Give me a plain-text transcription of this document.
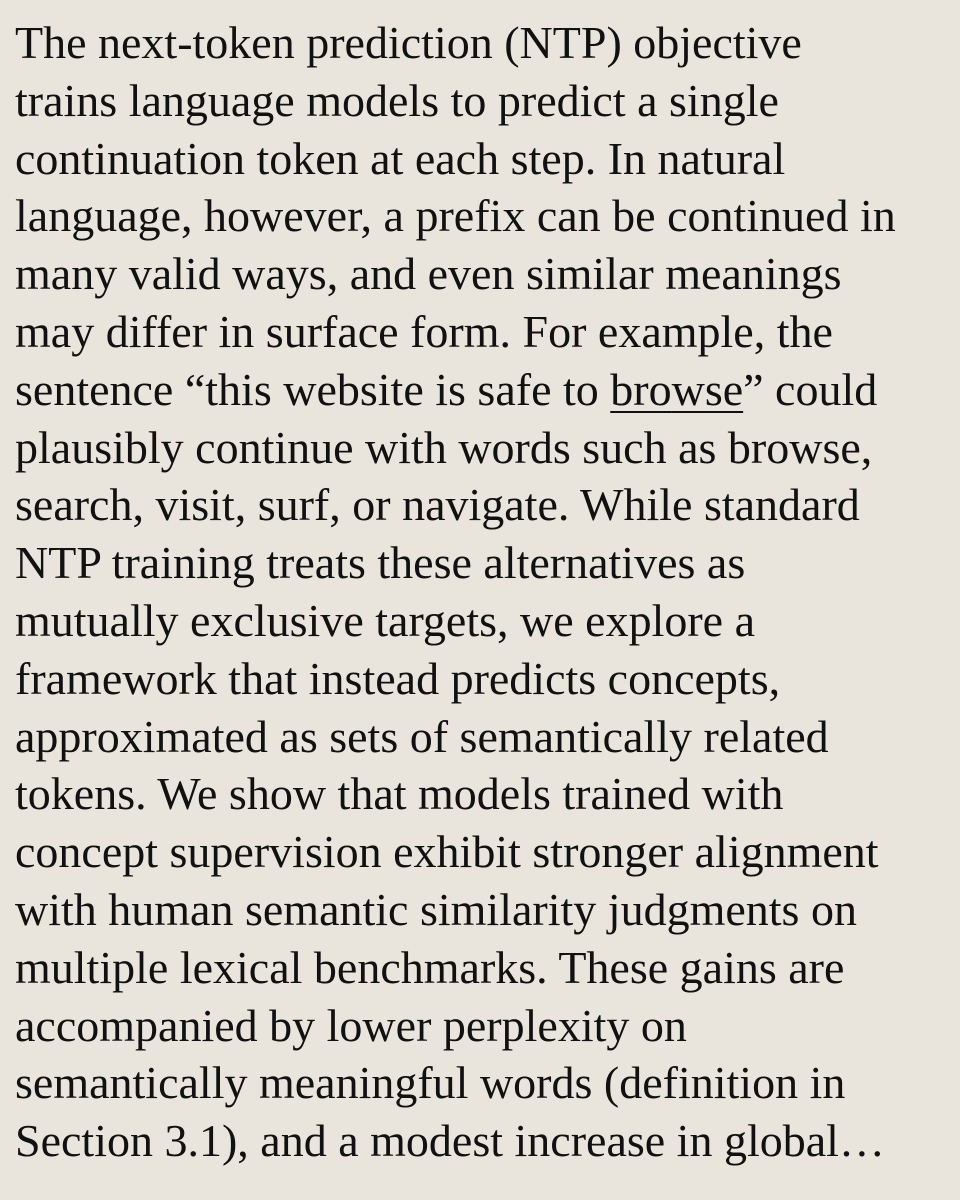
The next-token prediction (NTP) objective
trains language models to predict a single
continuation token at each step. In natural
language, however, a prefix can be continued in
many valid ways, and even similar meanings
may differ in surface form. For example, the
sentence “this website is safe to browse” could
plausibly continue with words such as browse,
search, visit, surf, or navigate. While standard
NTP training treats these alternatives as
mutually exclusive targets, we explore a
framework that instead predicts concepts,
approximated as sets of semantically related
tokens. We show that models trained with
concept supervision exhibit stronger alignment
with human semantic similarity judgments on
multiple lexical benchmarks. These gains are
accompanied by lower perplexity on
semantically meaningful words (definition in
Section 3.1), and a modest increase in global…
